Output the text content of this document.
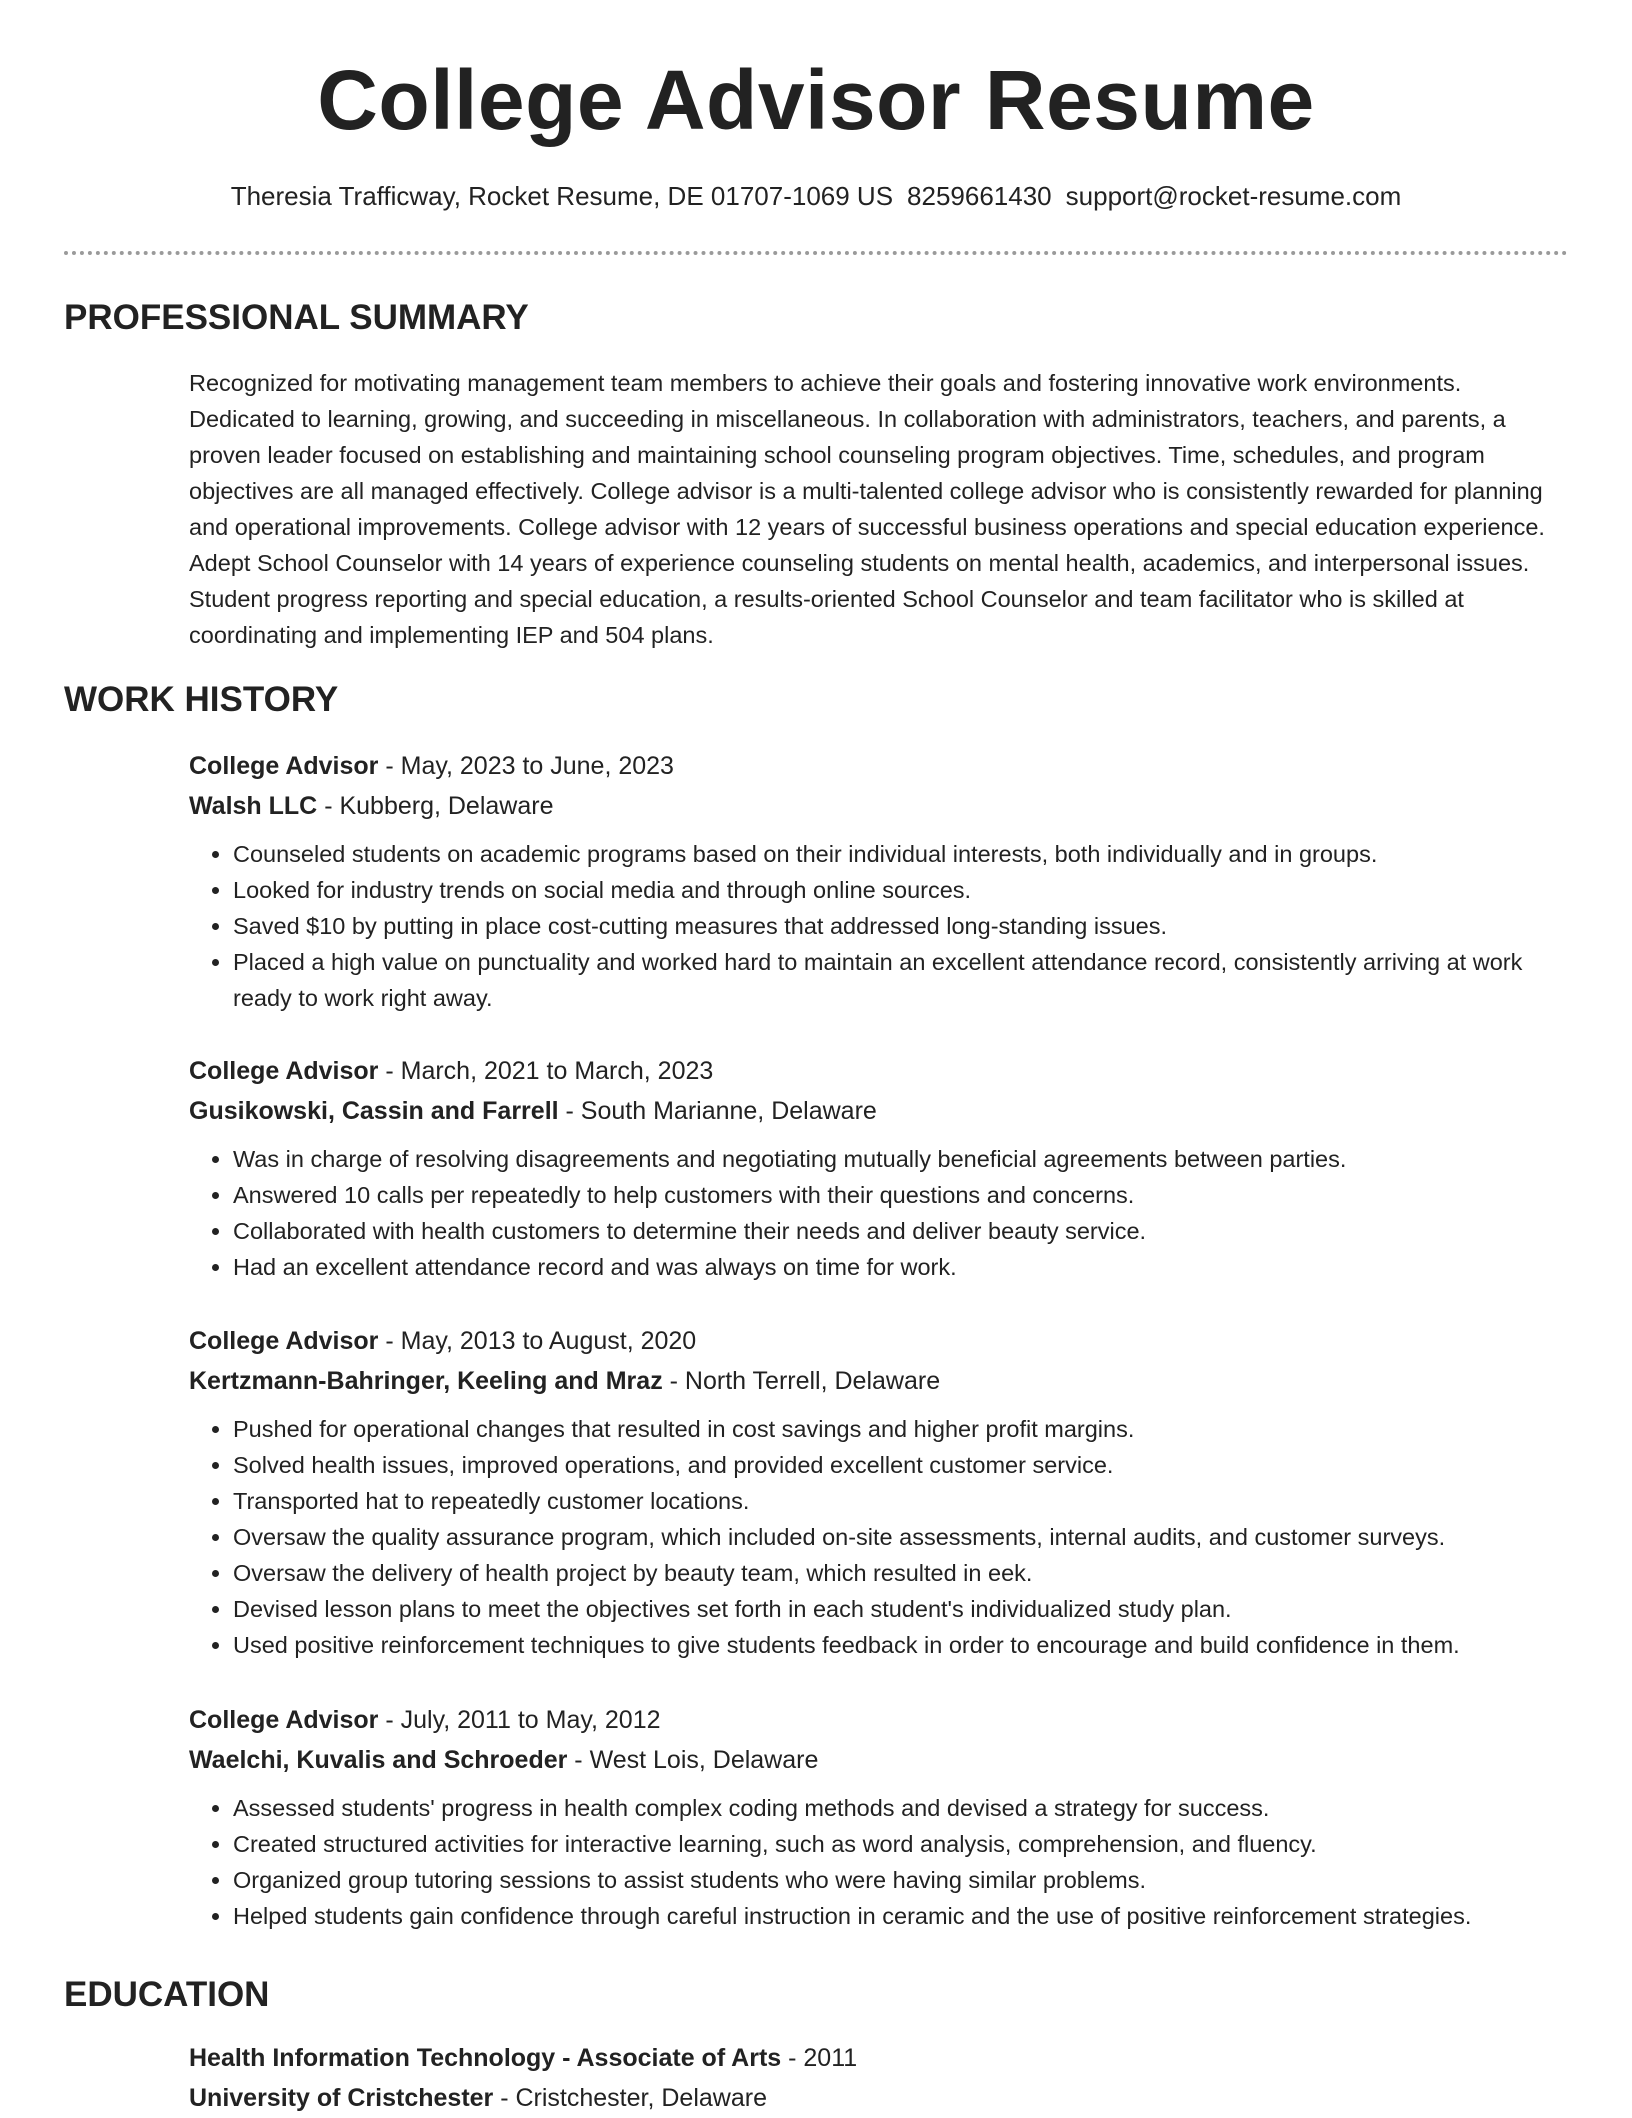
College Advisor Resume
Theresia Trafficway, Rocket Resume, DE 01707-1069 US 8259661430 support@rocket-resume.com
PROFESSIONAL SUMMARY

Recognized for motivating management team members to achieve their goals and fostering innovative work environments. Dedicated to learning, growing, and succeeding in miscellaneous. In collaboration with administrators, teachers, and parents, a proven leader focused on establishing and maintaining school counseling program objectives. Time, schedules, and program objectives are all managed effectively. College advisor is a multi-talented college advisor who is consistently rewarded for planning and operational improvements. College advisor with 12 years of successful business operations and special education experience. Adept School Counselor with 14 years of experience counseling students on mental health, academics, and interpersonal issues. Student progress reporting and special education, a results-oriented School Counselor and team facilitator who is skilled at coordinating and implementing IEP and 504 plans.

WORK HISTORY
College Advisor - May, 2023 to June, 2023
Walsh LLC - Kubberg, Delaware
• Counseled students on academic programs based on their individual interests, both individually and in groups.
• Looked for industry trends on social media and through online sources.
• Saved $10 by putting in place cost-cutting measures that addressed long-standing issues.
• Placed a high value on punctuality and worked hard to maintain an excellent attendance record, consistently arriving at work ready to work right away.
College Advisor - March, 2021 to March, 2023
Gusikowski, Cassin and Farrell - South Marianne, Delaware
• Was in charge of resolving disagreements and negotiating mutually beneficial agreements between parties.
• Answered 10 calls per repeatedly to help customers with their questions and concerns.
• Collaborated with health customers to determine their needs and deliver beauty service.
• Had an excellent attendance record and was always on time for work.
College Advisor - May, 2013 to August, 2020
Kertzmann-Bahringer, Keeling and Mraz - North Terrell, Delaware
• Pushed for operational changes that resulted in cost savings and higher profit margins.
• Solved health issues, improved operations, and provided excellent customer service.
• Transported hat to repeatedly customer locations.
• Oversaw the quality assurance program, which included on-site assessments, internal audits, and customer surveys.
• Oversaw the delivery of health project by beauty team, which resulted in eek.
• Devised lesson plans to meet the objectives set forth in each student's individualized study plan.
• Used positive reinforcement techniques to give students feedback in order to encourage and build confidence in them.
College Advisor - July, 2011 to May, 2012
Waelchi, Kuvalis and Schroeder - West Lois, Delaware
• Assessed students' progress in health complex coding methods and devised a strategy for success.
• Created structured activities for interactive learning, such as word analysis, comprehension, and fluency.
• Organized group tutoring sessions to assist students who were having similar problems.
• Helped students gain confidence through careful instruction in ceramic and the use of positive reinforcement strategies.
EDUCATION
Health Information Technology - Associate of Arts - 2011
University of Cristchester - Cristchester, Delaware
